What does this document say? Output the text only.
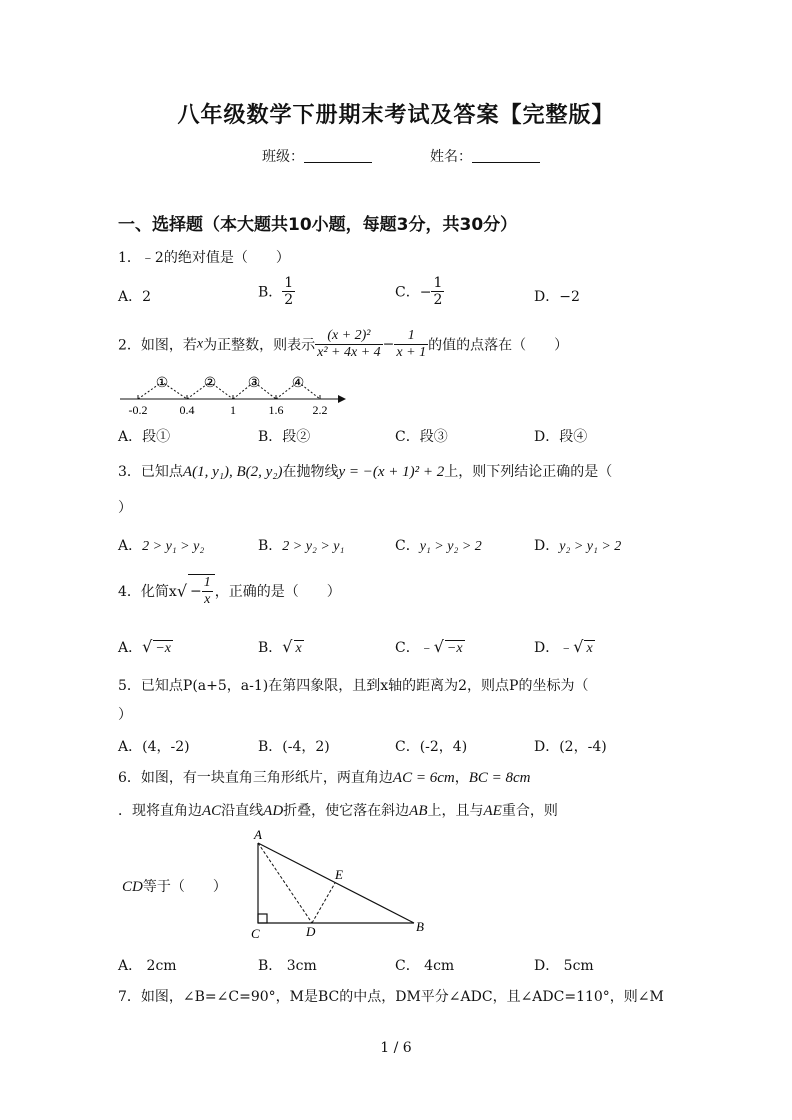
八年级数学下册期末考试及答案【完整版】
班级：	姓名：
一、选择题（本大题共10小题，每题3分，共30分）
1．﹣2的绝对值是（　　）
A．2	B． $\frac{1}{2}$	C．− $\frac{1}{2}$	D．−2
2．如图，若x为正整数，则表示 $\frac{\text{(x + 2)²}}{\text{x² + 4x + 4}} - \frac{1}{x + 1}$ 的值的点落在（　　）
①	② ③ ④
-0.2	0.4	1	1.6 2.2
A．段①	B．段②	C．段③	D．段④
3．已知点A(1, y₁), B(2, y₂)在抛物线y = −(x + 1)² + 2上，则下列结论正确的是（
）
A．2 > y₁ > y₂	B．2 > y₂ > y₁	C．y₁ > y₂ > 2	D．y₂ > y₁ > 2
4．化简$x√ - \frac{1}{x}$ ，正确的是（　　）
A．√ −x	B．√ x	C．﹣√ −x	D．﹣√ x
5．已知点P(a+5，a-1)在第四象限，且到x轴的距离为2，则点P的坐标为（
）
A．(4，-2)	B．(-4，2)	C．(-2，4)	D．(2，-4)
6．如图，有一块直角三角形纸片，两直角边AC = 6cm，BC = 8cm
．现将直角边AC沿直线AD折叠，使它落在斜边AB上，且与AE重合，则
CD等于（　　）
A
C	D
E
B
A． 2cm	B． 3cm	C． 4cm	D． 5cm
7．如图，∠B=∠C=90°，M是BC的中点，DM平分∠ADC，且∠ADC=110°，则∠M
1 / 6
